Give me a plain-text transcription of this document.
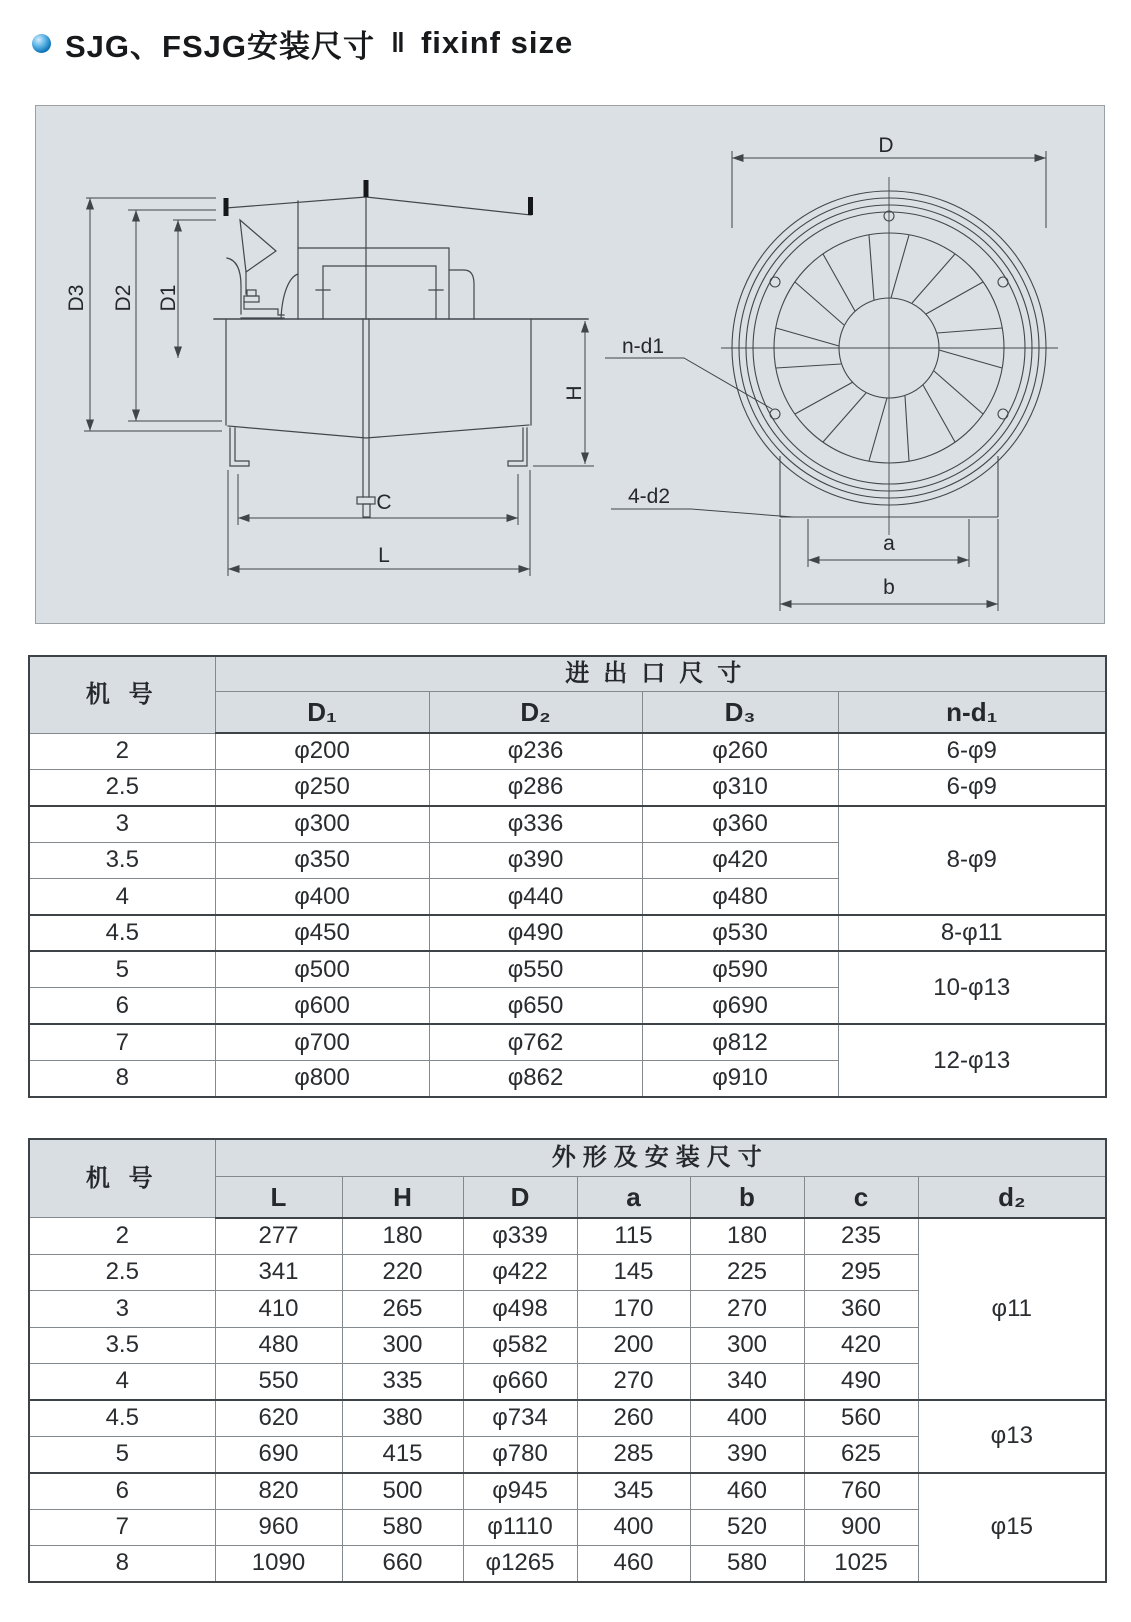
SJG、FSJG安装尺寸 ‖ fixinf size
D3 D2 D1
H
C
L
D
n-d1
4-d2
a
b
机 号	进出口尺寸			
	D₁	D₂	D₃	n-d₁
2	φ200	φ236	φ260	6-φ9
2.5	φ250	φ286	φ310	6-φ9
3	φ300	φ336	φ360	8-φ9
3.5	φ350	φ390	φ420	
4	φ400	φ440	φ480	
4.5	φ450	φ490	φ530	8-φ11
5	φ500	φ550	φ590	10-φ13
6	φ600	φ650	φ690	
7	φ700	φ762	φ812	12-φ13
8	φ800	φ862	φ910	
机 号	外形及安装尺寸						
	L	H	D	a	b	c	d₂
2	277	180	φ339	115	180	235	φ11
2.5	341	220	φ422	145	225	295	
3	410	265	φ498	170	270	360	
3.5	480	300	φ582	200	300	420	
4	550	335	φ660	270	340	490	
4.5	620	380	φ734	260	400	560	φ13
5	690	415	φ780	285	390	625	
6	820	500	φ945	345	460	760	φ15
7	960	580	φ1110	400	520	900	
8	1090	660	φ1265	460	580	1025	
